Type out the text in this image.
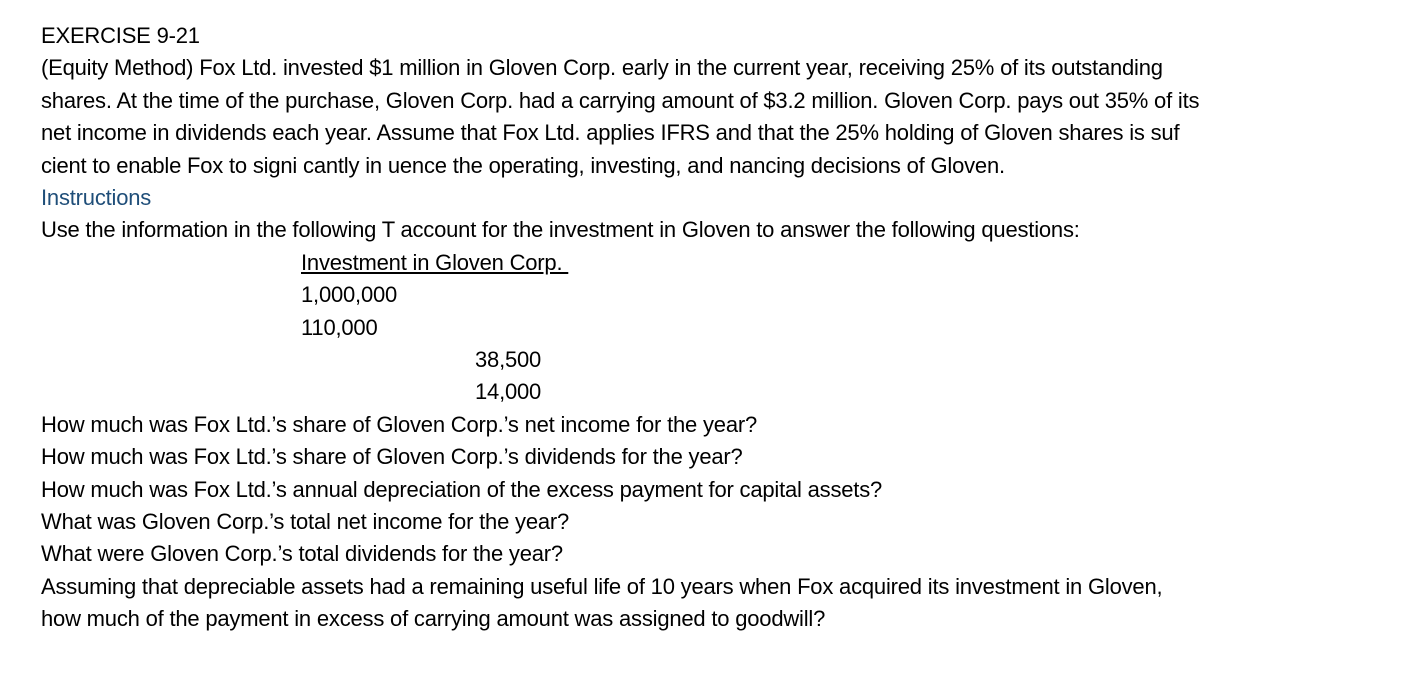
EXERCISE 9-21
(Equity Method) Fox Ltd. invested $1 million in Gloven Corp. early in the current year, receiving 25% of its outstanding
shares. At the time of the purchase, Gloven Corp. had a carrying amount of $3.2 million. Gloven Corp. pays out 35% of its
net income in dividends each year. Assume that Fox Ltd. applies IFRS and that the 25% holding of Gloven shares is suf
cient to enable Fox to signi cantly in uence the operating, investing, and nancing decisions of Gloven.
Instructions
Use the information in the following T account for the investment in Gloven to answer the following questions:
Investment in Gloven Corp.
1,000,000
110,000
38,500
14,000
How much was Fox Ltd.’s share of Gloven Corp.’s net income for the year?
How much was Fox Ltd.’s share of Gloven Corp.’s dividends for the year?
How much was Fox Ltd.’s annual depreciation of the excess payment for capital assets?
What was Gloven Corp.’s total net income for the year?
What were Gloven Corp.’s total dividends for the year?
Assuming that depreciable assets had a remaining useful life of 10 years when Fox acquired its investment in Gloven,
how much of the payment in excess of carrying amount was assigned to goodwill?
